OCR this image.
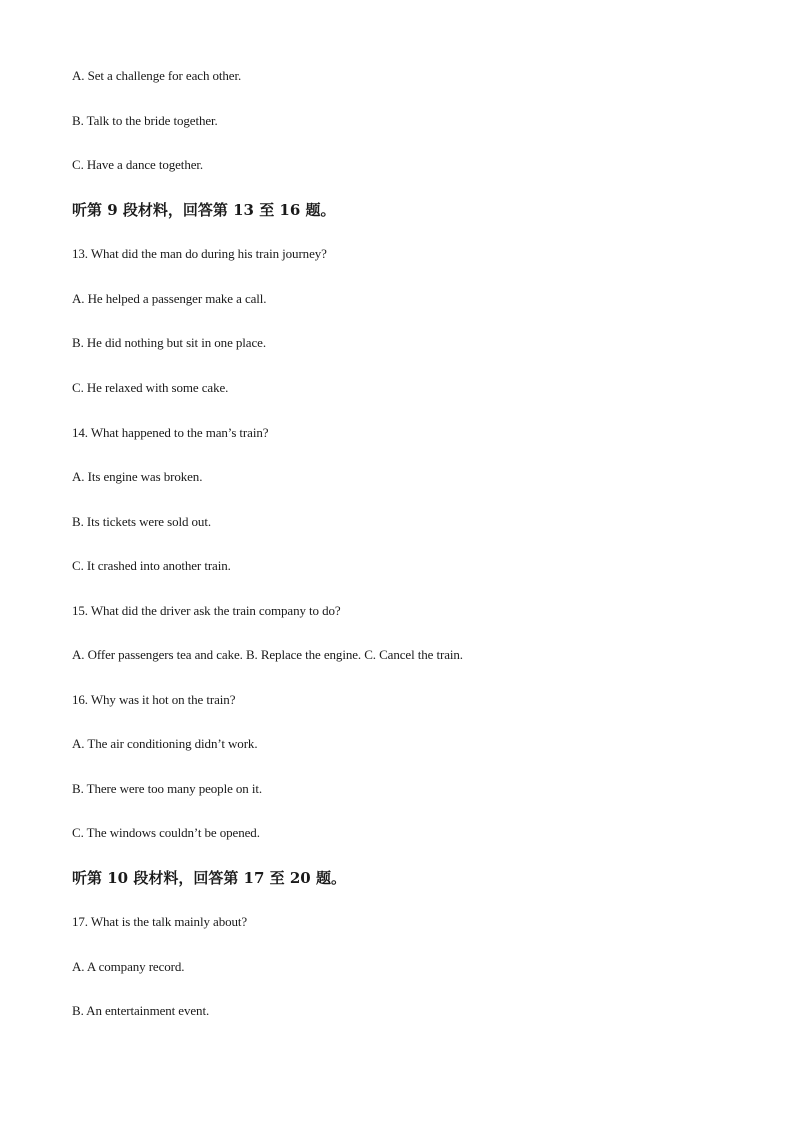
A. Set a challenge for each other.
B. Talk to the bride together.
C. Have a dance together.
听第 9 段材料，回答第 13 至 16 题。
13. What did the man do during his train journey?
A. He helped a passenger make a call.
B. He did nothing but sit in one place.
C. He relaxed with some cake.
14. What happened to the man’s train?
A. Its engine was broken.
B. Its tickets were sold out.
C. It crashed into another train.
15. What did the driver ask the train company to do?
A. Offer passengers tea and cake. B. Replace the engine. C. Cancel the train.
16. Why was it hot on the train?
A. The air conditioning didn’t work.
B. There were too many people on it.
C. The windows couldn’t be opened.
听第 10 段材料，回答第 17 至 20 题。
17. What is the talk mainly about?
A. A company record.
B. An entertainment event.
